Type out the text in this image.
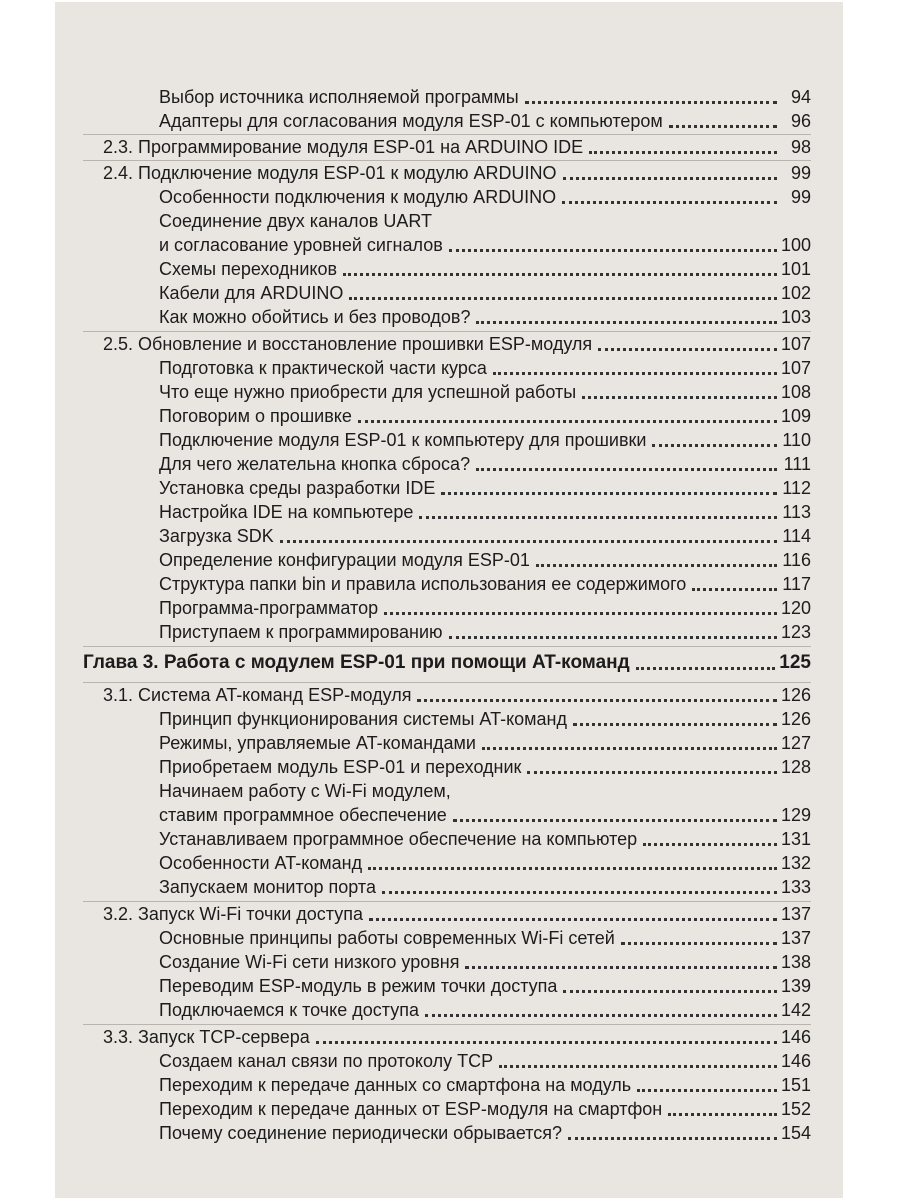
Выбор источника исполняемой программы	94
Адаптеры для согласования модуля ESP-01 с компьютером	96
2.3. Программирование модуля ESP-01 на ARDUINO IDE	98
2.4. Подключение модуля ESP-01 к модулю ARDUINO	99
Особенности подключения к модулю ARDUINO	99
Соединение двух каналов UART
и согласование уровней сигналов	100
Схемы переходников	101
Кабели для ARDUINO	102
Как можно обойтись и без проводов?	103
2.5. Обновление и восстановление прошивки ESP-модуля	107
Подготовка к практической части курса	107
Что еще нужно приобрести для успешной работы	108
Поговорим о прошивке	109
Подключение модуля ESP-01 к компьютеру для прошивки	110
Для чего желательна кнопка сброса?	111
Установка среды разработки IDE	112
Настройка IDE на компьютере	113
Загрузка SDK	114
Определение конфигурации модуля ESP-01	116
Структура папки bin и правила использования ее содержимого	117
Программа-программатор	120
Приступаем к программированию	123
Глава 3. Работа с модулем ESP-01 при помощи AT-команд	125
3.1. Система AT-команд ESP-модуля	126
Принцип функционирования системы AT-команд	126
Режимы, управляемые AT-командами	127
Приобретаем модуль ESP-01 и переходник	128
Начинаем работу с Wi-Fi модулем,
ставим программное обеспечение	129
Устанавливаем программное обеспечение на компьютер	131
Особенности AT-команд	132
Запускаем монитор порта	133
3.2. Запуск Wi-Fi точки доступа	137
Основные принципы работы современных Wi-Fi сетей	137
Создание Wi-Fi сети низкого уровня	138
Переводим ESP-модуль в режим точки доступа	139
Подключаемся к точке доступа	142
3.3. Запуск TCP-сервера	146
Создаем канал связи по протоколу TCP	146
Переходим к передаче данных со смартфона на модуль	151
Переходим к передаче данных от ESP-модуля на смартфон	152
Почему соединение периодически обрывается?	154
